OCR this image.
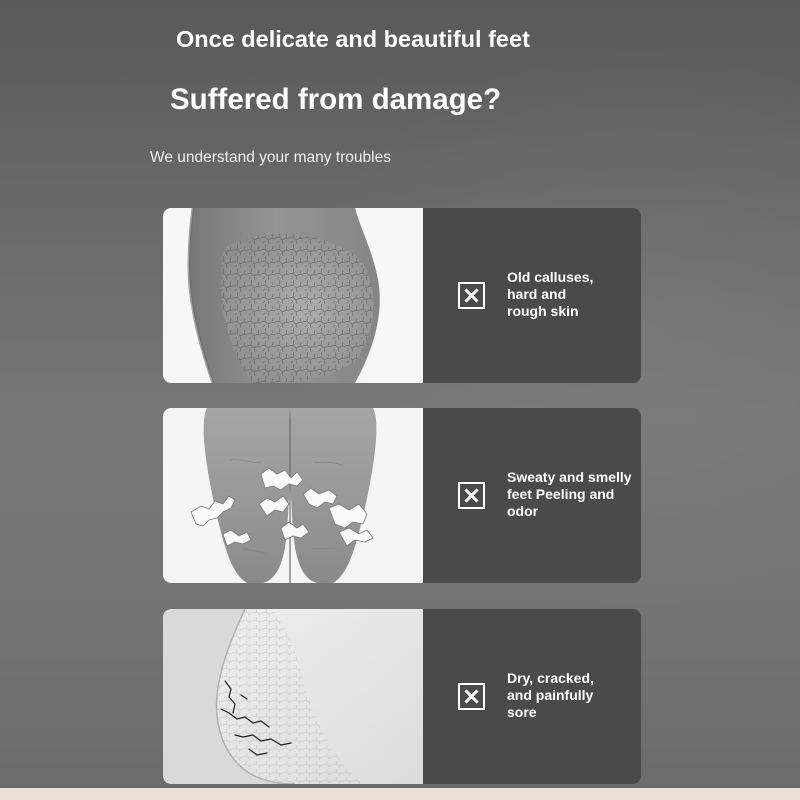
Once delicate and beautiful feet
Suffered from damage?
We understand your many troubles
Old calluses,
hard and
rough skin
Sweaty and smelly
feet Peeling and
odor
Dry, cracked,
and painfully
sore
